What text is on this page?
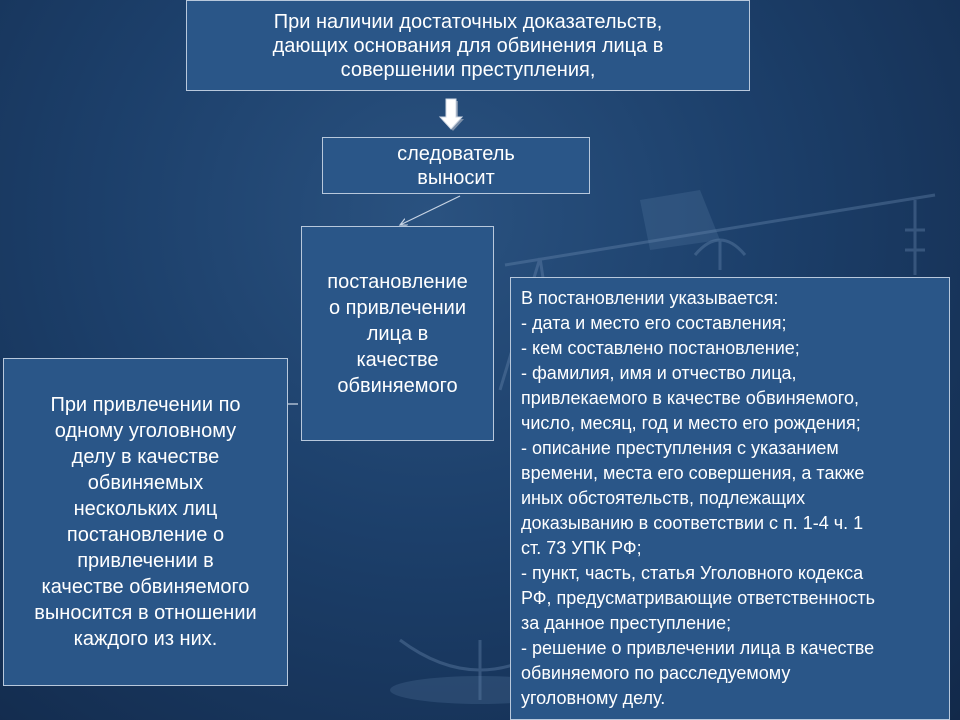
При наличии достаточных доказательств,
дающих основания для обвинения лица в
совершении преступления,
следователь
выносит
постановление
о привлечении
лица в
качестве
обвиняемого
При привлечении по
одному уголовному
делу в качестве
обвиняемых
нескольких лиц
постановление о
привлечении в
качестве обвиняемого
выносится в отношении
каждого из них.
В постановлении указывается:
- дата и место его составления;
- кем составлено постановление;
- фамилия, имя и отчество лица,
привлекаемого в качестве обвиняемого,
число, месяц, год и место его рождения;
- описание преступления с указанием
времени, места его совершения, а также
иных обстоятельств, подлежащих
доказыванию в соответствии с п. 1-4 ч. 1
ст. 73 УПК РФ;
- пункт, часть, статья Уголовного кодекса
РФ, предусматривающие ответственность
за данное преступление;
- решение о привлечении лица в качестве
обвиняемого по расследуемому
уголовному делу.
